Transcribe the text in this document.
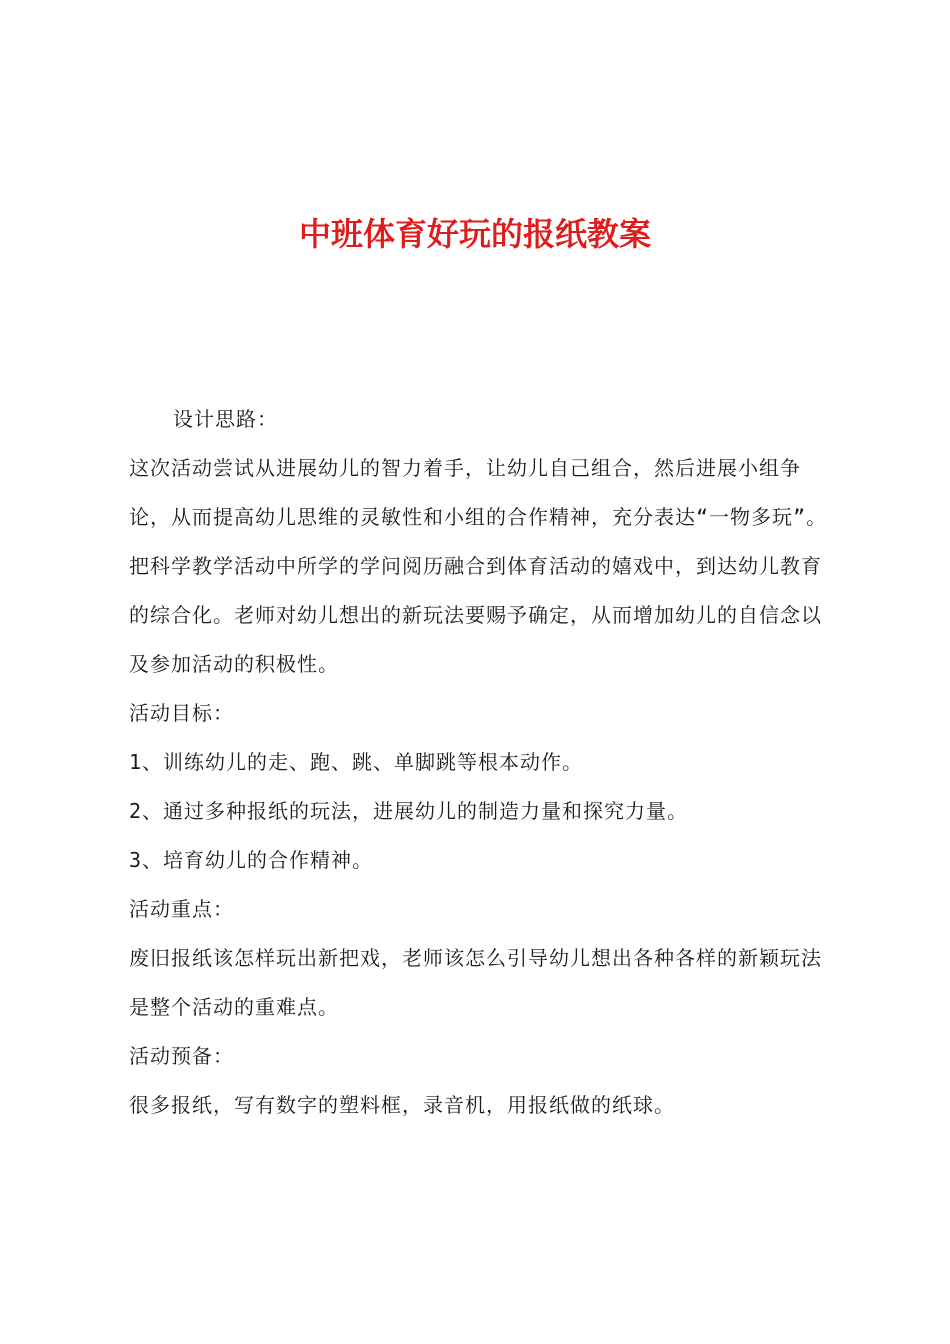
中班体育好玩的报纸教案

设计思路：

这次活动尝试从进展幼儿的智力着手，让幼儿自己组合，然后进展小组争论，从而提高幼儿思维的灵敏性和小组的合作精神，充分表达“一物多玩”。把科学教学活动中所学的学问阅历融合到体育活动的嬉戏中，到达幼儿教育的综合化。老师对幼儿想出的新玩法要赐予确定，从而增加幼儿的自信念以及参加活动的积极性。

活动目标：

1、训练幼儿的走、跑、跳、单脚跳等根本动作。

2、通过多种报纸的玩法，进展幼儿的制造力量和探究力量。

3、培育幼儿的合作精神。

活动重点：

废旧报纸该怎样玩出新把戏，老师该怎么引导幼儿想出各种各样的新颖玩法是整个活动的重难点。

活动预备：

很多报纸，写有数字的塑料框，录音机，用报纸做的纸球。
